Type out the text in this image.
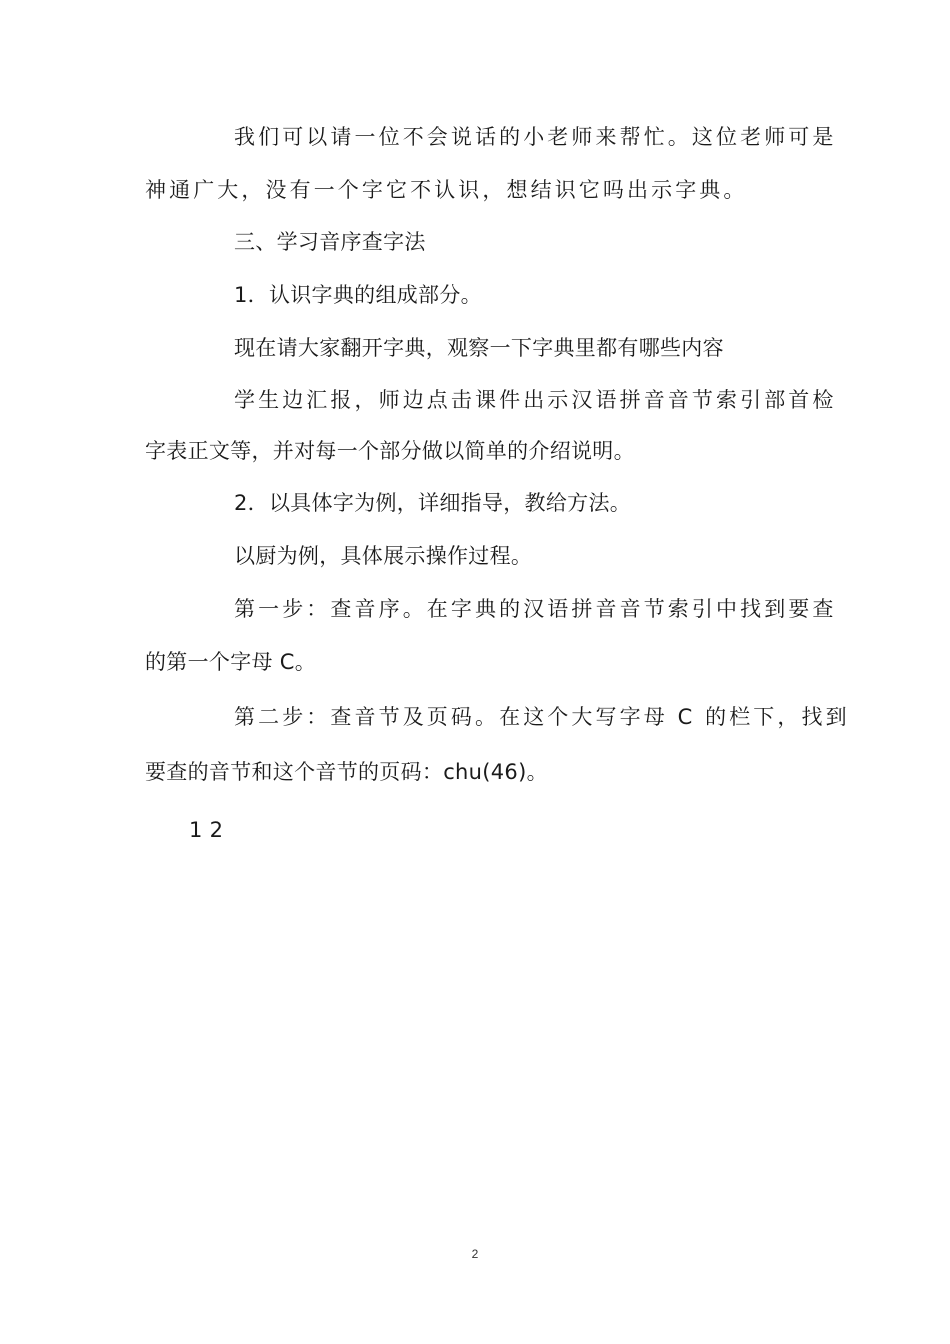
我们可以请一位不会说话的小老师来帮忙。这位老师可是
神通广大，没有一个字它不认识，想结识它吗出示字典。
三、学习音序查字法
1．认识字典的组成部分。
现在请大家翻开字典，观察一下字典里都有哪些内容
学生边汇报，师边点击课件出示汉语拼音音节索引部首检
字表正文等，并对每一个部分做以简单的介绍说明。
2．以具体字为例，详细指导，教给方法。
以厨为例，具体展示操作过程。
第一步：查音序。在字典的汉语拼音音节索引中找到要查
的第一个字母 C。
第二步：查音节及页码。在这个大写字母 C 的栏下，找到
要查的音节和这个音节的页码：chu(46)。
1 2
2
